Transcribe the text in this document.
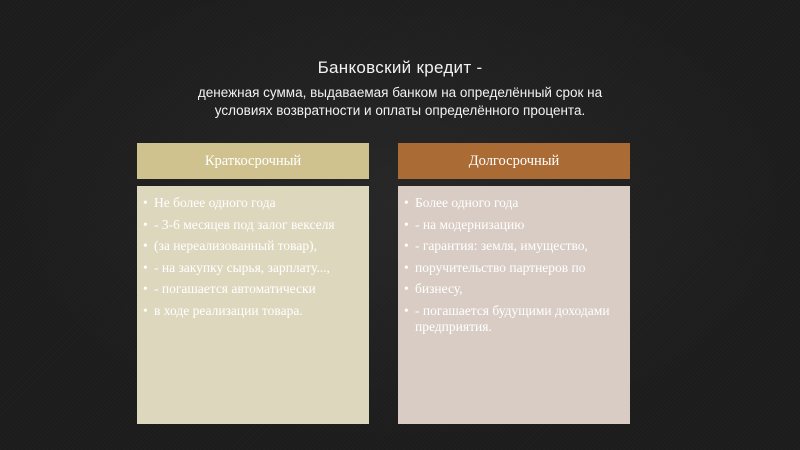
Банковский кредит -
денежная сумма, выдаваемая банком на определённый срок на
условиях возвратности и оплаты определённого процента.
Краткосрочный
• Не более одного года
• - 3-6 месяцев под залог векселя
• (за нереализованный товар),
• - на закупку сырья, зарплату...,
• - погашается автоматически
• в ходе реализации товара.
Долгосрочный
• Более одного года
• - на модернизацию
• - гарантия: земля, имущество,
• поручительство партнеров по
• бизнесу,
• - погашается будущими доходами предприятия.
